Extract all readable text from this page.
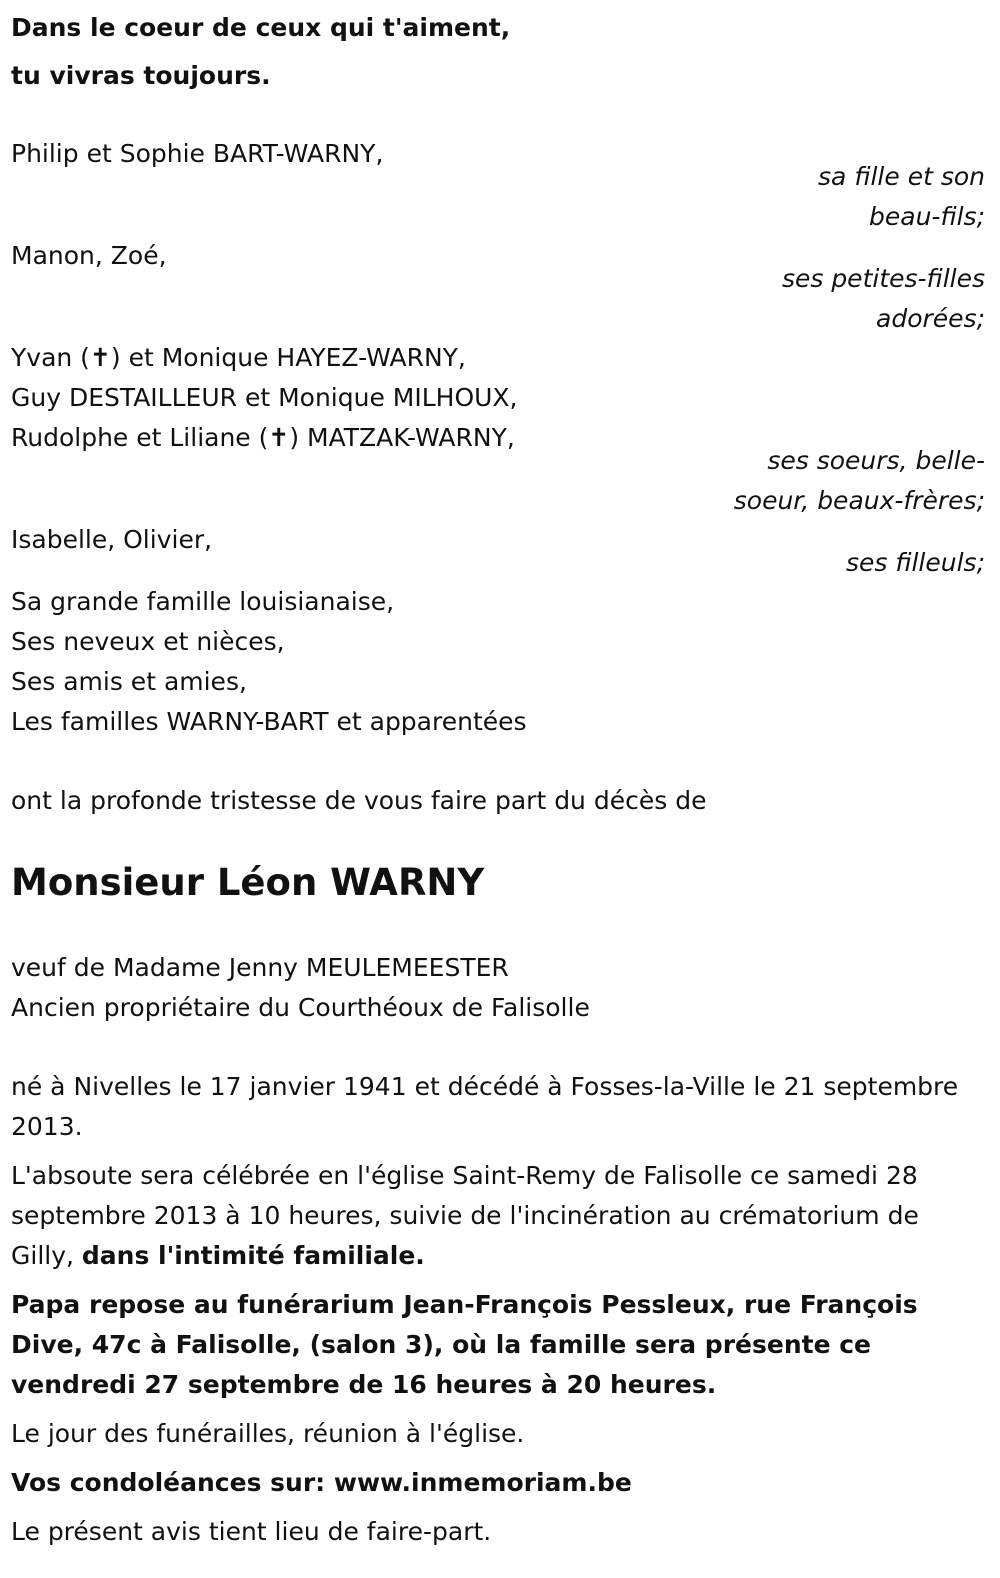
Dans le coeur de ceux qui t'aiment,
tu vivras toujours.
Philip et Sophie BART-WARNY,
sa fille et son
beau-fils;
Manon, Zoé,
ses petites-filles
adorées;
Yvan (✝) et Monique HAYEZ-WARNY,
Guy DESTAILLEUR et Monique MILHOUX,
Rudolphe et Liliane (✝) MATZAK-WARNY,
ses soeurs, belle-
soeur, beaux-frères;
Isabelle, Olivier,
ses filleuls;
Sa grande famille louisianaise,
Ses neveux et nièces,
Ses amis et amies,
Les familles WARNY-BART et apparentées
ont la profonde tristesse de vous faire part du décès de
Monsieur Léon WARNY
veuf de Madame Jenny MEULEMEESTER
Ancien propriétaire du Courthéoux de Falisolle
né à Nivelles le 17 janvier 1941 et décédé à Fosses-la-Ville le 21 septembre 2013.
L'absoute sera célébrée en l'église Saint-Remy de Falisolle ce samedi 28 septembre 2013 à 10 heures, suivie de l'incinération au crématorium de Gilly, dans l'intimité familiale.
Papa repose au funérarium Jean-François Pessleux, rue François Dive, 47c à Falisolle, (salon 3), où la famille sera présente ce vendredi 27 septembre de 16 heures à 20 heures.
Le jour des funérailles, réunion à l'église.
Vos condoléances sur: www.inmemoriam.be
Le présent avis tient lieu de faire-part.
